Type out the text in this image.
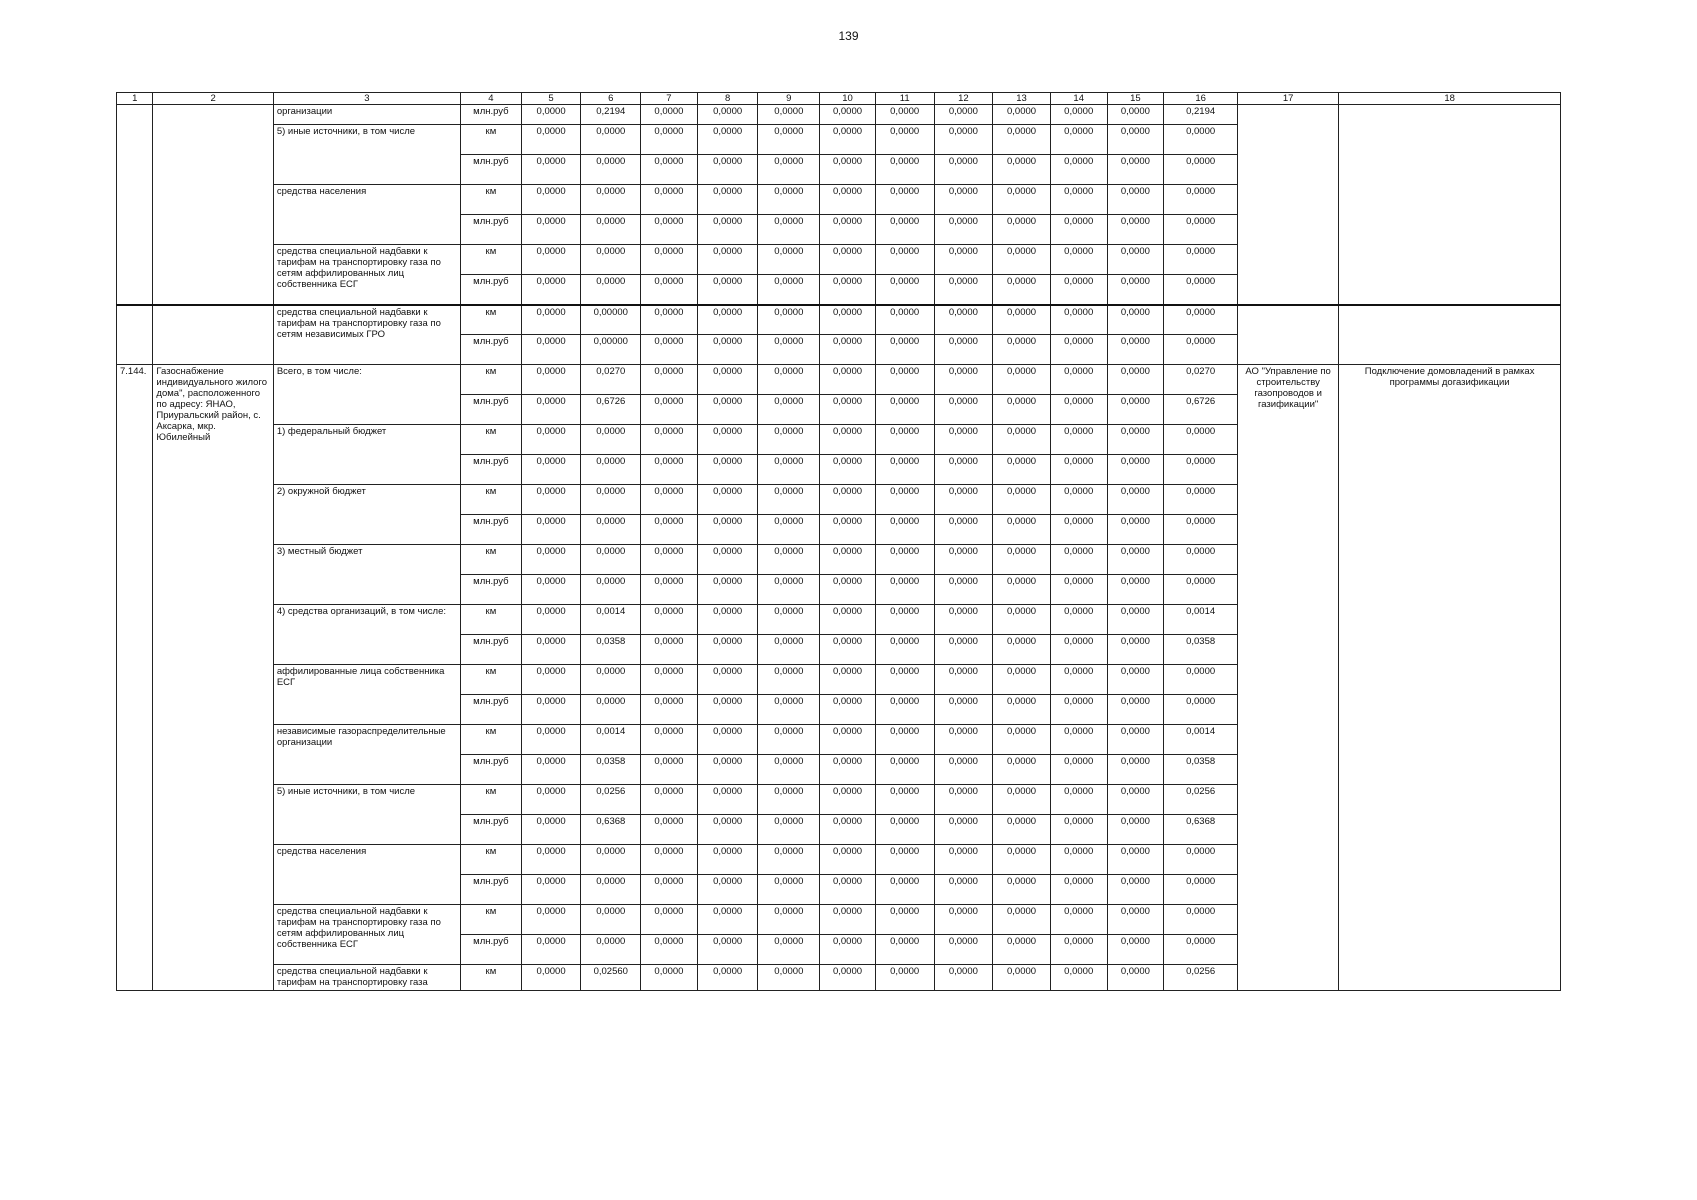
139
1	2	3	4	5	6	7	8	9	10	11	12	13	14	15	16	17	18
		организации	млн.руб	0,0000	0,2194	0,0000	0,0000	0,0000	0,0000	0,0000	0,0000	0,0000	0,0000	0,0000	0,2194		
		5) иные источники, в том числе	км	0,0000	0,0000	0,0000	0,0000	0,0000	0,0000	0,0000	0,0000	0,0000	0,0000	0,0000	0,0000		
			млн.руб	0,0000	0,0000	0,0000	0,0000	0,0000	0,0000	0,0000	0,0000	0,0000	0,0000	0,0000	0,0000		
		средства населения	км	0,0000	0,0000	0,0000	0,0000	0,0000	0,0000	0,0000	0,0000	0,0000	0,0000	0,0000	0,0000		
			млн.руб	0,0000	0,0000	0,0000	0,0000	0,0000	0,0000	0,0000	0,0000	0,0000	0,0000	0,0000	0,0000		
		средства специальной надбавки к тарифам на транспортировку газа по сетям аффилированных лиц собственника ЕСГ	км	0,0000	0,0000	0,0000	0,0000	0,0000	0,0000	0,0000	0,0000	0,0000	0,0000	0,0000	0,0000		
			млн.руб	0,0000	0,0000	0,0000	0,0000	0,0000	0,0000	0,0000	0,0000	0,0000	0,0000	0,0000	0,0000		
		средства специальной надбавки к тарифам на транспортировку газа по сетям независимых ГРО	км	0,0000	0,00000	0,0000	0,0000	0,0000	0,0000	0,0000	0,0000	0,0000	0,0000	0,0000	0,0000		
			млн.руб	0,0000	0,00000	0,0000	0,0000	0,0000	0,0000	0,0000	0,0000	0,0000	0,0000	0,0000	0,0000		
7.144.	Газоснабжение индивидуального жилого дома", расположенного по адресу: ЯНАО, Приуральский район, с. Аксарка, мкр. Юбилейный	Всего, в том числе:	км	0,0000	0,0270	0,0000	0,0000	0,0000	0,0000	0,0000	0,0000	0,0000	0,0000	0,0000	0,0270	АО "Управление по строительству газопроводов и газификации"	Подключение домовладений в рамках программы догазификации
			млн.руб	0,0000	0,6726	0,0000	0,0000	0,0000	0,0000	0,0000	0,0000	0,0000	0,0000	0,0000	0,6726		
		1) федеральный бюджет	км	0,0000	0,0000	0,0000	0,0000	0,0000	0,0000	0,0000	0,0000	0,0000	0,0000	0,0000	0,0000		
			млн.руб	0,0000	0,0000	0,0000	0,0000	0,0000	0,0000	0,0000	0,0000	0,0000	0,0000	0,0000	0,0000		
		2) окружной бюджет	км	0,0000	0,0000	0,0000	0,0000	0,0000	0,0000	0,0000	0,0000	0,0000	0,0000	0,0000	0,0000		
			млн.руб	0,0000	0,0000	0,0000	0,0000	0,0000	0,0000	0,0000	0,0000	0,0000	0,0000	0,0000	0,0000		
		3) местный бюджет	км	0,0000	0,0000	0,0000	0,0000	0,0000	0,0000	0,0000	0,0000	0,0000	0,0000	0,0000	0,0000		
			млн.руб	0,0000	0,0000	0,0000	0,0000	0,0000	0,0000	0,0000	0,0000	0,0000	0,0000	0,0000	0,0000		
		4) средства организаций, в том числе:	км	0,0000	0,0014	0,0000	0,0000	0,0000	0,0000	0,0000	0,0000	0,0000	0,0000	0,0000	0,0014		
			млн.руб	0,0000	0,0358	0,0000	0,0000	0,0000	0,0000	0,0000	0,0000	0,0000	0,0000	0,0000	0,0358		
		аффилированные лица собственника ЕСГ	км	0,0000	0,0000	0,0000	0,0000	0,0000	0,0000	0,0000	0,0000	0,0000	0,0000	0,0000	0,0000		
			млн.руб	0,0000	0,0000	0,0000	0,0000	0,0000	0,0000	0,0000	0,0000	0,0000	0,0000	0,0000	0,0000		
		независимые газораспределительные организации	км	0,0000	0,0014	0,0000	0,0000	0,0000	0,0000	0,0000	0,0000	0,0000	0,0000	0,0000	0,0014		
			млн.руб	0,0000	0,0358	0,0000	0,0000	0,0000	0,0000	0,0000	0,0000	0,0000	0,0000	0,0000	0,0358		
		5) иные источники, в том числе	км	0,0000	0,0256	0,0000	0,0000	0,0000	0,0000	0,0000	0,0000	0,0000	0,0000	0,0000	0,0256		
			млн.руб	0,0000	0,6368	0,0000	0,0000	0,0000	0,0000	0,0000	0,0000	0,0000	0,0000	0,0000	0,6368		
		средства населения	км	0,0000	0,0000	0,0000	0,0000	0,0000	0,0000	0,0000	0,0000	0,0000	0,0000	0,0000	0,0000		
			млн.руб	0,0000	0,0000	0,0000	0,0000	0,0000	0,0000	0,0000	0,0000	0,0000	0,0000	0,0000	0,0000		
		средства специальной надбавки к тарифам на транспортировку газа по сетям аффилированных лиц собственника ЕСГ	км	0,0000	0,0000	0,0000	0,0000	0,0000	0,0000	0,0000	0,0000	0,0000	0,0000	0,0000	0,0000		
			млн.руб	0,0000	0,0000	0,0000	0,0000	0,0000	0,0000	0,0000	0,0000	0,0000	0,0000	0,0000	0,0000		
		средства специальной надбавки к тарифам на транспортировку газа	км	0,0000	0,02560	0,0000	0,0000	0,0000	0,0000	0,0000	0,0000	0,0000	0,0000	0,0000	0,0256		
